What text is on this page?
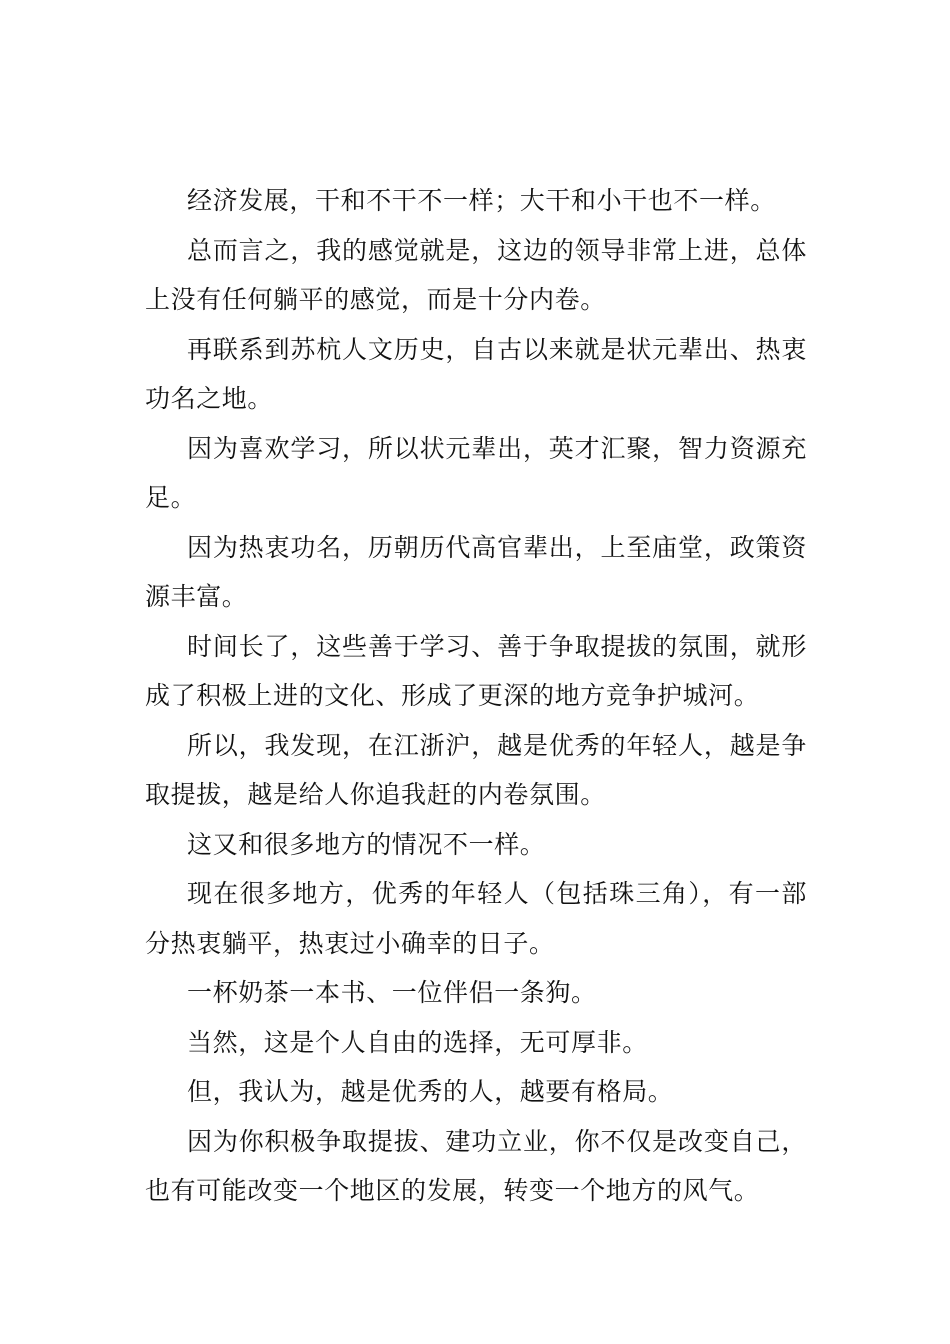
经济发展，干和不干不一样；大干和小干也不一样。

总而言之，我的感觉就是，这边的领导非常上进，总体上没有任何躺平的感觉，而是十分内卷。

再联系到苏杭人文历史，自古以来就是状元辈出、热衷功名之地。

因为喜欢学习，所以状元辈出，英才汇聚，智力资源充足。

因为热衷功名，历朝历代高官辈出，上至庙堂，政策资源丰富。

时间长了，这些善于学习、善于争取提拔的氛围，就形成了积极上进的文化、形成了更深的地方竞争护城河。

所以，我发现，在江浙沪，越是优秀的年轻人，越是争取提拔，越是给人你追我赶的内卷氛围。

这又和很多地方的情况不一样。

现在很多地方，优秀的年轻人（包括珠三角），有一部分热衷躺平，热衷过小确幸的日子。

一杯奶茶一本书、一位伴侣一条狗。

当然，这是个人自由的选择，无可厚非。

但，我认为，越是优秀的人，越要有格局。

因为你积极争取提拔、建功立业，你不仅是改变自己，也有可能改变一个地区的发展，转变一个地方的风气。
